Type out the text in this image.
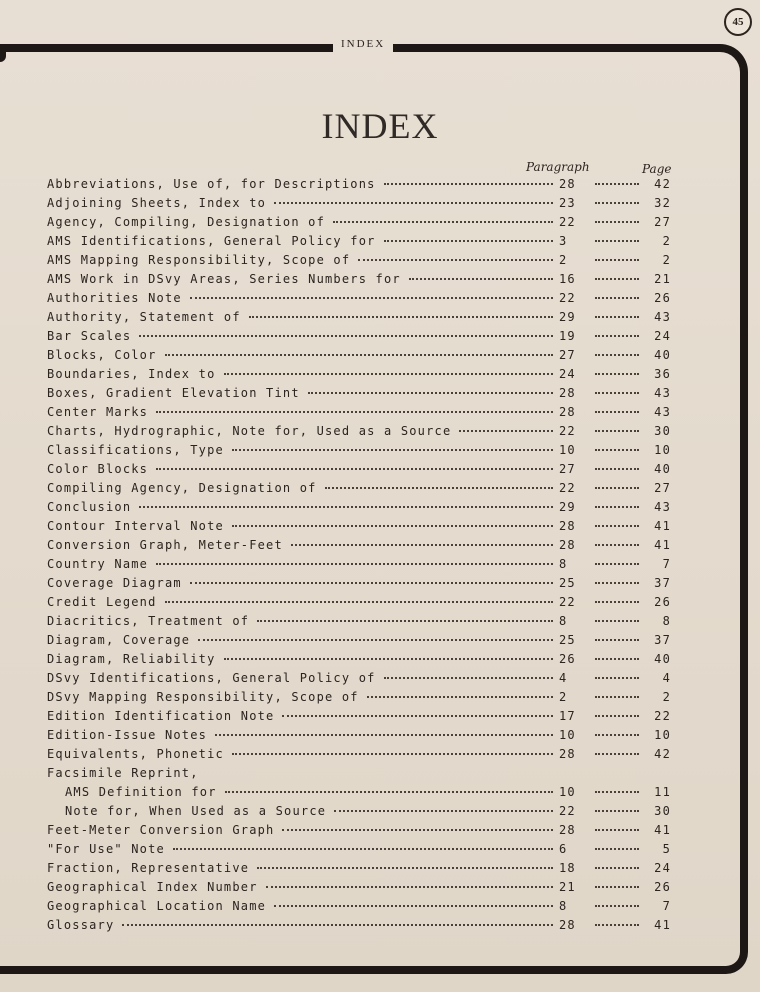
45
INDEX
INDEX
Paragraph	Page
Abbreviations, Use of, for Descriptions	28	42
Adjoining Sheets, Index to	23	32
Agency, Compiling, Designation of	22	27
AMS Identifications, General Policy for	3	2
AMS Mapping Responsibility, Scope of	2	2
AMS Work in DSvy Areas, Series Numbers for	16	21
Authorities Note	22	26
Authority, Statement of	29	43
Bar Scales	19	24
Blocks, Color	27	40
Boundaries, Index to	24	36
Boxes, Gradient Elevation Tint	28	43
Center Marks	28	43
Charts, Hydrographic, Note for, Used as a Source	22	30
Classifications, Type	10	10
Color Blocks	27	40
Compiling Agency, Designation of	22	27
Conclusion	29	43
Contour Interval Note	28	41
Conversion Graph, Meter-Feet	28	41
Country Name	8	7
Coverage Diagram	25	37
Credit Legend	22	26
Diacritics, Treatment of	8	8
Diagram, Coverage	25	37
Diagram, Reliability	26	40
DSvy Identifications, General Policy of	4	4
DSvy Mapping Responsibility, Scope of	2	2
Edition Identification Note	17	22
Edition-Issue Notes	10	10
Equivalents, Phonetic	28	42
Facsimile Reprint,
AMS Definition for	10	11
Note for, When Used as a Source	22	30
Feet-Meter Conversion Graph	28	41
"For Use" Note	6	5
Fraction, Representative	18	24
Geographical Index Number	21	26
Geographical Location Name	8	7
Glossary	28	41
